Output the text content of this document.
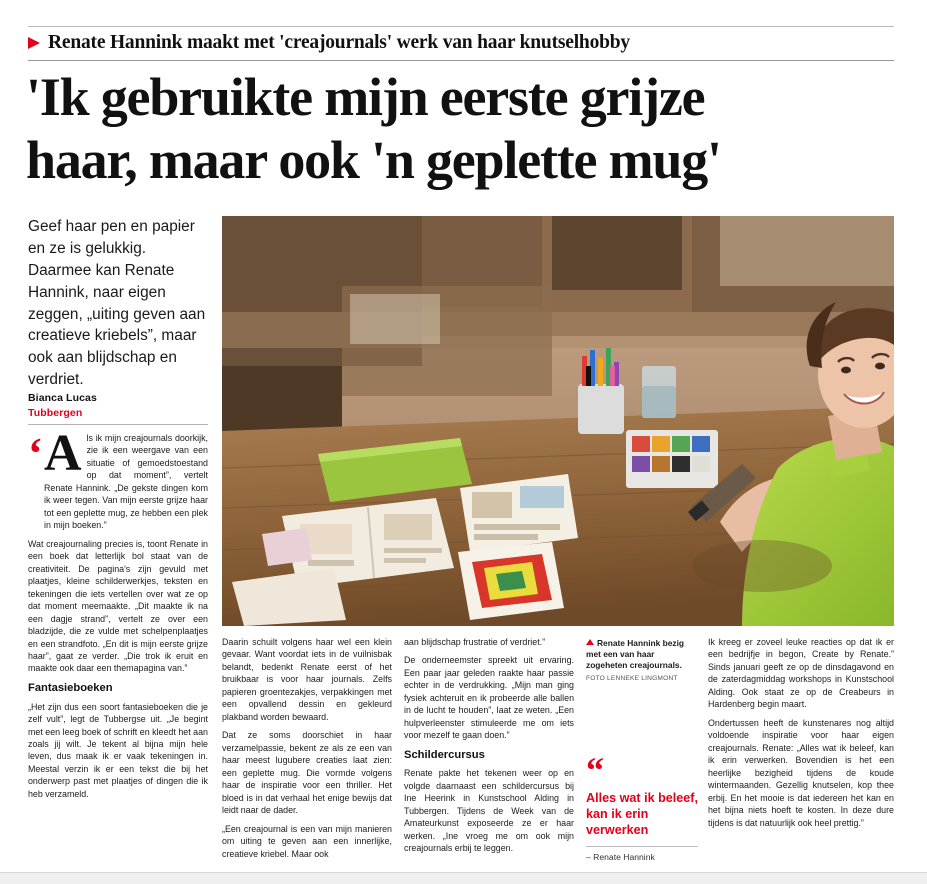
Renate Hannink maakt met 'creajournals' werk van haar knutselhobby
'Ik gebruikte mijn eerste grijze
haar, maar ook 'n geplette mug'
Geef haar pen en papier en ze is gelukkig. Daarmee kan Renate Hannink, naar eigen zeggen, „uiting geven aan creatieve kriebels”, maar ook aan blijdschap en verdriet.
Bianca Lucas
Tubbergen
‘ Als ik mijn creajournals doorkijk, zie ik een weergave van een situatie of gemoedstoestand op dat moment”, vertelt Renate Hannink. „De gekste dingen kom ik weer tegen. Van mijn eerste grijze haar tot een geplette mug, ze hebben een plek in mijn boeken.”

Wat creajournaling precies is, toont Renate in een boek dat letterlijk bol staat van de creativiteit. De pagina's zijn gevuld met plaatjes, kleine schilderwerkjes, teksten en tekeningen die iets vertellen over wat ze op dat moment meemaakte. „Dit maakte ik na een dagje strand”, vertelt ze over een bladzijde, die ze vulde met schelpenplaatjes en een strandfoto. „En dit is mijn eerste grijze haar”, gaat ze verder. „Die trok ik eruit en maakte ook daar een themapagina van.”

Fantasieboeken

„Het zijn dus een soort fantasieboeken die je zelf vult”, legt de Tubbergse uit. „Je begint met een leeg boek of schrift en kleedt het aan zoals jij wilt. Je tekent al bijna mijn hele leven, dus maak ik er vaak tekeningen in. Meestal verzin ik er een tekst die bij het onderwerp past met plaatjes of dingen die ik heb verzameld.

Daarin schuilt volgens haar wel een klein gevaar. Want voordat iets in de vuilnisbak belandt, bedenkt Renate eerst of het bruikbaar is voor haar journals. Zelfs papieren groentezakjes, verpakkingen met een opvallend dessin en gekleurd plakband worden bewaard.

Dat ze soms doorschiet in haar verzamelpassie, bekent ze als ze een van haar meest lugubere creaties laat zien: een geplette mug. Die vormde volgens haar de inspiratie voor een thriller. Het bloed is in dat verhaal het enige bewijs dat leidt naar de dader.

„Een creajournal is een van mijn manieren om uiting te geven aan een innerlijke, creatieve kriebel. Maar ook

aan blijdschap frustratie of verdriet.”

De onderneemster spreekt uit ervaring. Een paar jaar geleden raakte haar passie echter in de verdrukking. „Mijn man ging fysiek achteruit en ik probeerde alle ballen in de lucht te houden”, laat ze weten. „Een hulpverleenster stimuleerde me om iets voor mezelf te gaan doen.”

Schildercursus

Renate pakte het tekenen weer op en volgde daarnaast een schildercursus bij Ine Heerink in Kunstschool Alding in Tubbergen. Tijdens de Week van de Amateurkunst exposeerde ze er haar werken. „Ine vroeg me om ook mijn creajournals erbij te leggen.

Renate Hannink bezig met een van haar zogeheten creajournals. FOTO LENNEKE LINGMONT
“
Alles wat ik beleef, kan ik erin verwerken
– Renate Hannink

Ik kreeg er zoveel leuke reacties op dat ik er een bedrijfje in begon, Create by Renate.” Sinds januari geeft ze op de dinsdagavond en de zaterdagmiddag workshops in Kunstschool Alding. Ook staat ze op de Creabeurs in Hardenberg begin maart.

Ondertussen heeft de kunstenares nog altijd voldoende inspiratie voor haar eigen creajournals. Renate: „Alles wat ik beleef, kan ik erin verwerken. Bovendien is het een heerlijke bezigheid tijdens de koude wintermaanden. Gezellig knutselen, kop thee erbij. En het mooie is dat iedereen het kan en het bijna niets hoeft te kosten. In deze dure tijdens is dat natuurlijk ook heel prettig.”
